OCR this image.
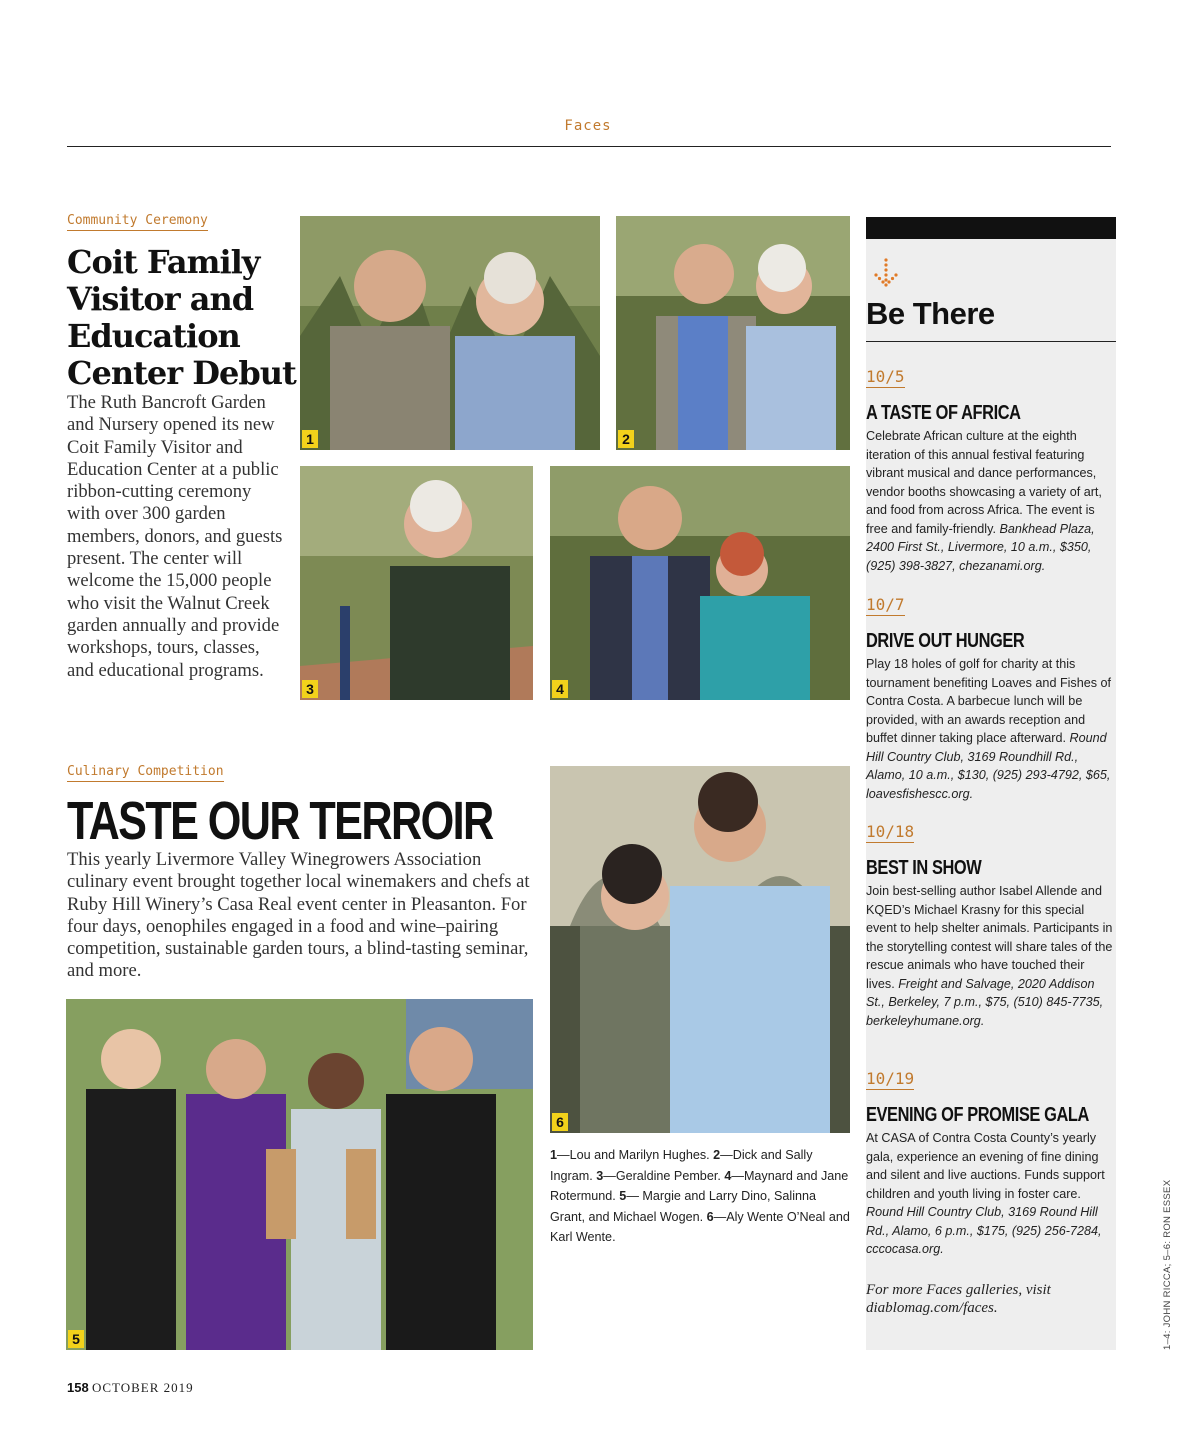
Faces
Community Ceremony
Coit Family
Visitor and
Education
Center Debut
The Ruth Bancroft Garden and Nursery opened its new Coit Family Visitor and Education Center at a public ribbon-cutting ceremony with over 300 garden members, donors, and guests present. The center will welcome the 15,000 people who visit the Walnut Creek garden annually and provide workshops, tours, classes, and educational programs.
1	2
3	4
Culinary Competition
TASTE OUR TERROIR
This yearly Livermore Valley Winegrowers Association culinary event brought together local winemakers and chefs at Ruby Hill Winery’s Casa Real event center in Pleasanton. For four days, oenophiles engaged in a food and wine–pairing competition, sustainable garden tours, a blind-tasting seminar, and more.
5
6
1—Lou and Marilyn Hughes. 2—Dick and Sally Ingram. 3—Geraldine Pember. 4—Maynard and Jane Rotermund. 5— Margie and Larry Dino, Salinna Grant, and Michael Wogen. 6—Aly Wente O’Neal and Karl Wente.
Be There
10/5
A TASTE OF AFRICA
Celebrate African culture at the eighth iteration of this annual festival featuring vibrant musical and dance performances, vendor booths showcasing a variety of art, and food from across Africa. The event is free and family-friendly. Bankhead Plaza, 2400 First St., Livermore, 10 a.m., $350, (925) 398-3827, chezanami.org.
10/7
DRIVE OUT HUNGER
Play 18 holes of golf for charity at this tournament benefiting Loaves and Fishes of Contra Costa. A barbecue lunch will be provided, with an awards reception and buffet dinner taking place afterward. Round Hill Country Club, 3169 Roundhill Rd., Alamo, 10 a.m., $130, (925) 293-4792, $65, loavesfishescc.org.
10/18
BEST IN SHOW
Join best-selling author Isabel Allende and KQED’s Michael Krasny for this special event to help shelter animals. Participants in the storytelling contest will share tales of the rescue animals who have touched their lives. Freight and Salvage, 2020 Addison St., Berkeley, 7 p.m., $75, (510) 845-7735, berkeleyhumane.org.
10/19
EVENING OF PROMISE GALA
At CASA of Contra Costa County’s yearly gala, experience an evening of fine dining and silent and live auctions. Funds support children and youth living in foster care. Round Hill Country Club, 3169 Round Hill Rd., Alamo, 6 p.m., $175, (925) 256-7284, cccocasa.org.
For more Faces galleries, visit diablomag.com/faces.	1–4: JOHN RICCA; 5–6: RON ESSEX
158 OCTOBER 2019
